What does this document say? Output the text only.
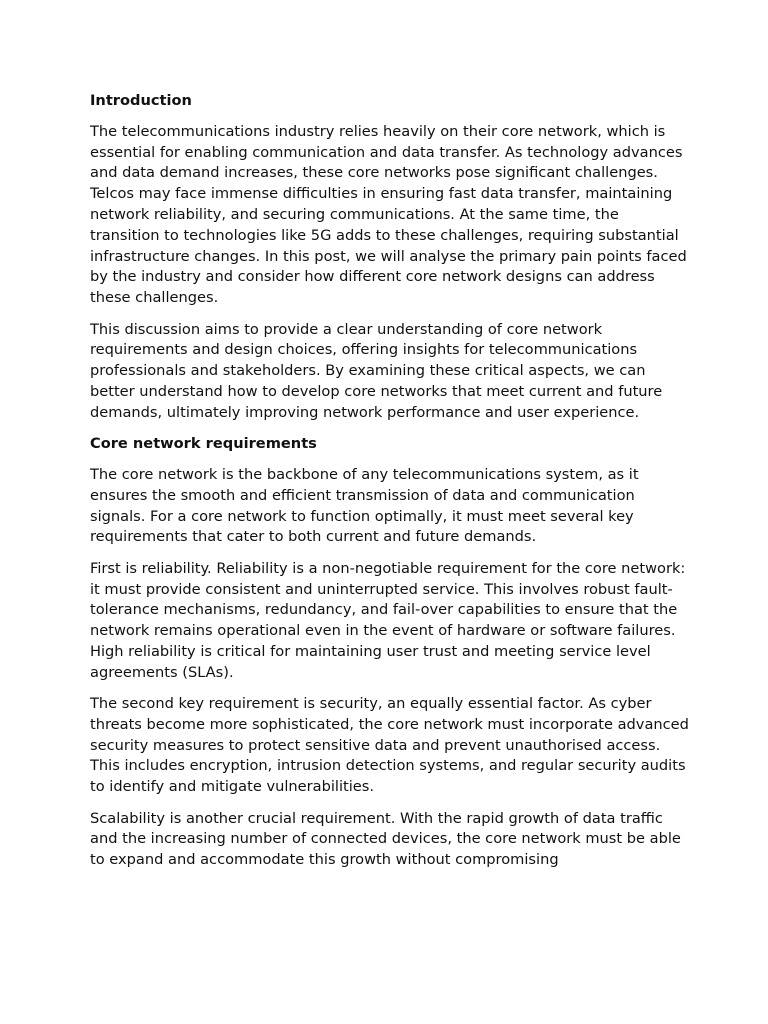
Introduction

The telecommunications industry relies heavily on their core network, which is essential for enabling communication and data transfer. As technology advances and data demand increases, these core networks pose significant challenges. Telcos may face immense difficulties in ensuring fast data transfer, maintaining network reliability, and securing communications. At the same time, the transition to technologies like 5G adds to these challenges, requiring substantial infrastructure changes. In this post, we will analyse the primary pain points faced by the industry and consider how different core network designs can address these challenges.

This discussion aims to provide a clear understanding of core network requirements and design choices, offering insights for telecommunications professionals and stakeholders. By examining these critical aspects, we can better understand how to develop core networks that meet current and future demands, ultimately improving network performance and user experience.

Core network requirements

The core network is the backbone of any telecommunications system, as it ensures the smooth and efficient transmission of data and communication signals. For a core network to function optimally, it must meet several key requirements that cater to both current and future demands.

First is reliability. Reliability is a non-negotiable requirement for the core network: it must provide consistent and uninterrupted service. This involves robust fault-tolerance mechanisms, redundancy, and fail-over capabilities to ensure that the network remains operational even in the event of hardware or software failures. High reliability is critical for maintaining user trust and meeting service level agreements (SLAs).

The second key requirement is security, an equally essential factor. As cyber threats become more sophisticated, the core network must incorporate advanced security measures to protect sensitive data and prevent unauthorised access. This includes encryption, intrusion detection systems, and regular security audits to identify and mitigate vulnerabilities.

Scalability is another crucial requirement. With the rapid growth of data traffic and the increasing number of connected devices, the core network must be able to expand and accommodate this growth without compromising
